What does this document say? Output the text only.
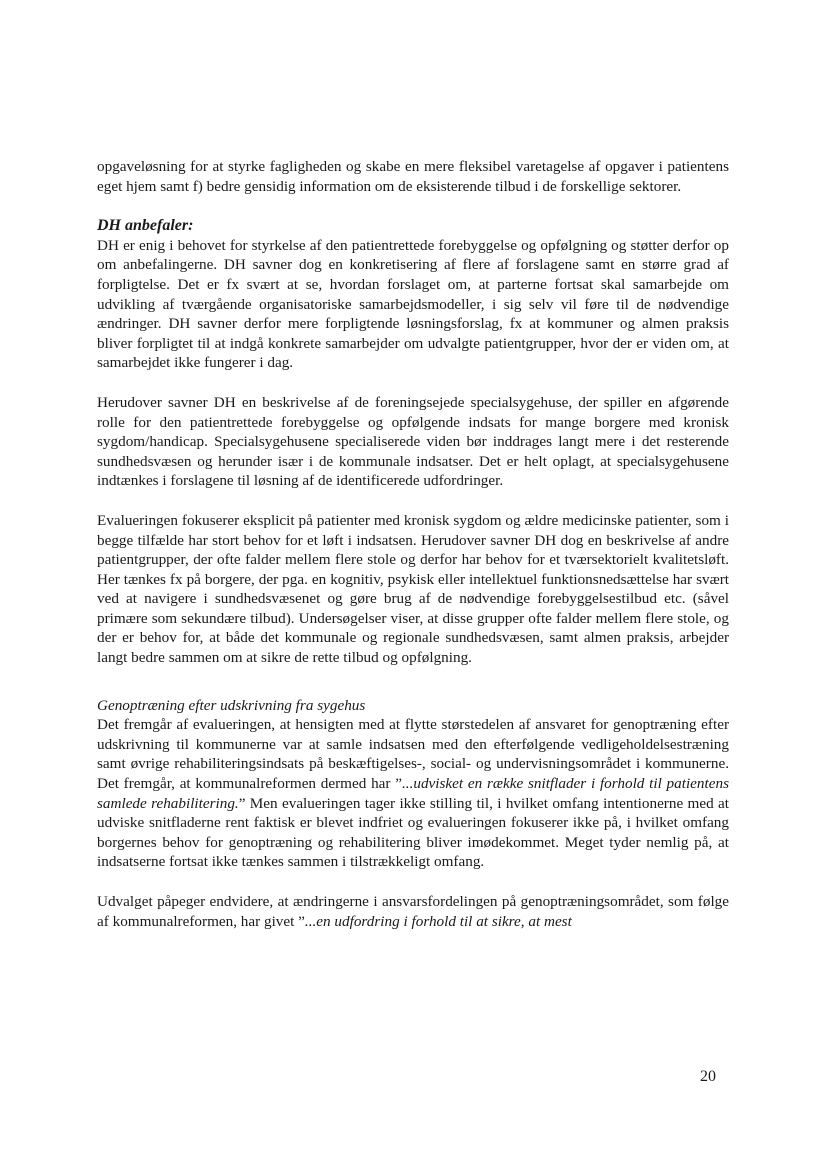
opgaveløsning for at styrke fagligheden og skabe en mere fleksibel varetagelse af opgaver i patientens eget hjem samt f) bedre gensidig information om de eksisterende tilbud i de forskellige sektorer.

DH anbefaler:

DH er enig i behovet for styrkelse af den patientrettede forebyggelse og opfølgning og støtter derfor op om anbefalingerne. DH savner dog en konkretisering af flere af forslagene samt en større grad af forpligtelse. Det er fx svært at se, hvordan forslaget om, at parterne fortsat skal samarbejde om udvikling af tværgående organisatoriske samarbejdsmodeller, i sig selv vil føre til de nødvendige ændringer. DH savner derfor mere forpligtende løsningsforslag, fx at kommuner og almen praksis bliver forpligtet til at indgå konkrete samarbejder om udvalgte patientgrupper, hvor der er viden om, at samarbejdet ikke fungerer i dag.

Herudover savner DH en beskrivelse af de foreningsejede specialsygehuse, der spiller en afgørende rolle for den patientrettede forebyggelse og opfølgende indsats for mange borgere med kronisk sygdom/handicap. Specialsygehusene specialiserede viden bør inddrages langt mere i det resterende sundhedsvæsen og herunder især i de kommunale indsatser. Det er helt oplagt, at specialsygehusene indtænkes i forslagene til løsning af de identificerede udfordringer.

Evalueringen fokuserer eksplicit på patienter med kronisk sygdom og ældre medicinske patienter, som i begge tilfælde har stort behov for et løft i indsatsen. Herudover savner DH dog en beskrivelse af andre patientgrupper, der ofte falder mellem flere stole og derfor har behov for et tværsektorielt kvalitetsløft. Her tænkes fx på borgere, der pga. en kognitiv, psykisk eller intellektuel funktionsnedsættelse har svært ved at navigere i sundhedsvæsenet og gøre brug af de nødvendige forebyggelsestilbud etc. (såvel primære som sekundære tilbud). Undersøgelser viser, at disse grupper ofte falder mellem flere stole, og der er behov for, at både det kommunale og regionale sundhedsvæsen, samt almen praksis, arbejder langt bedre sammen om at sikre de rette tilbud og opfølgning.

Genoptræning efter udskrivning fra sygehus

Det fremgår af evalueringen, at hensigten med at flytte størstedelen af ansvaret for genoptræning efter udskrivning til kommunerne var at samle indsatsen med den efterfølgende vedligeholdelsestræning samt øvrige rehabiliteringsindsats på beskæftigelses-, social- og undervisningsområdet i kommunerne. Det fremgår, at kommunalreformen dermed har ”...udvisket en række snitflader i forhold til patientens samlede rehabilitering.” Men evalueringen tager ikke stilling til, i hvilket omfang intentionerne med at udviske snitfladerne rent faktisk er blevet indfriet og evalueringen fokuserer ikke på, i hvilket omfang borgernes behov for genoptræning og rehabilitering bliver imødekommet. Meget tyder nemlig på, at indsatserne fortsat ikke tænkes sammen i tilstrækkeligt omfang.

Udvalget påpeger endvidere, at ændringerne i ansvarsfordelingen på genoptræningsområdet, som følge af kommunalreformen, har givet ”...en udfordring i forhold til at sikre, at mest

20
